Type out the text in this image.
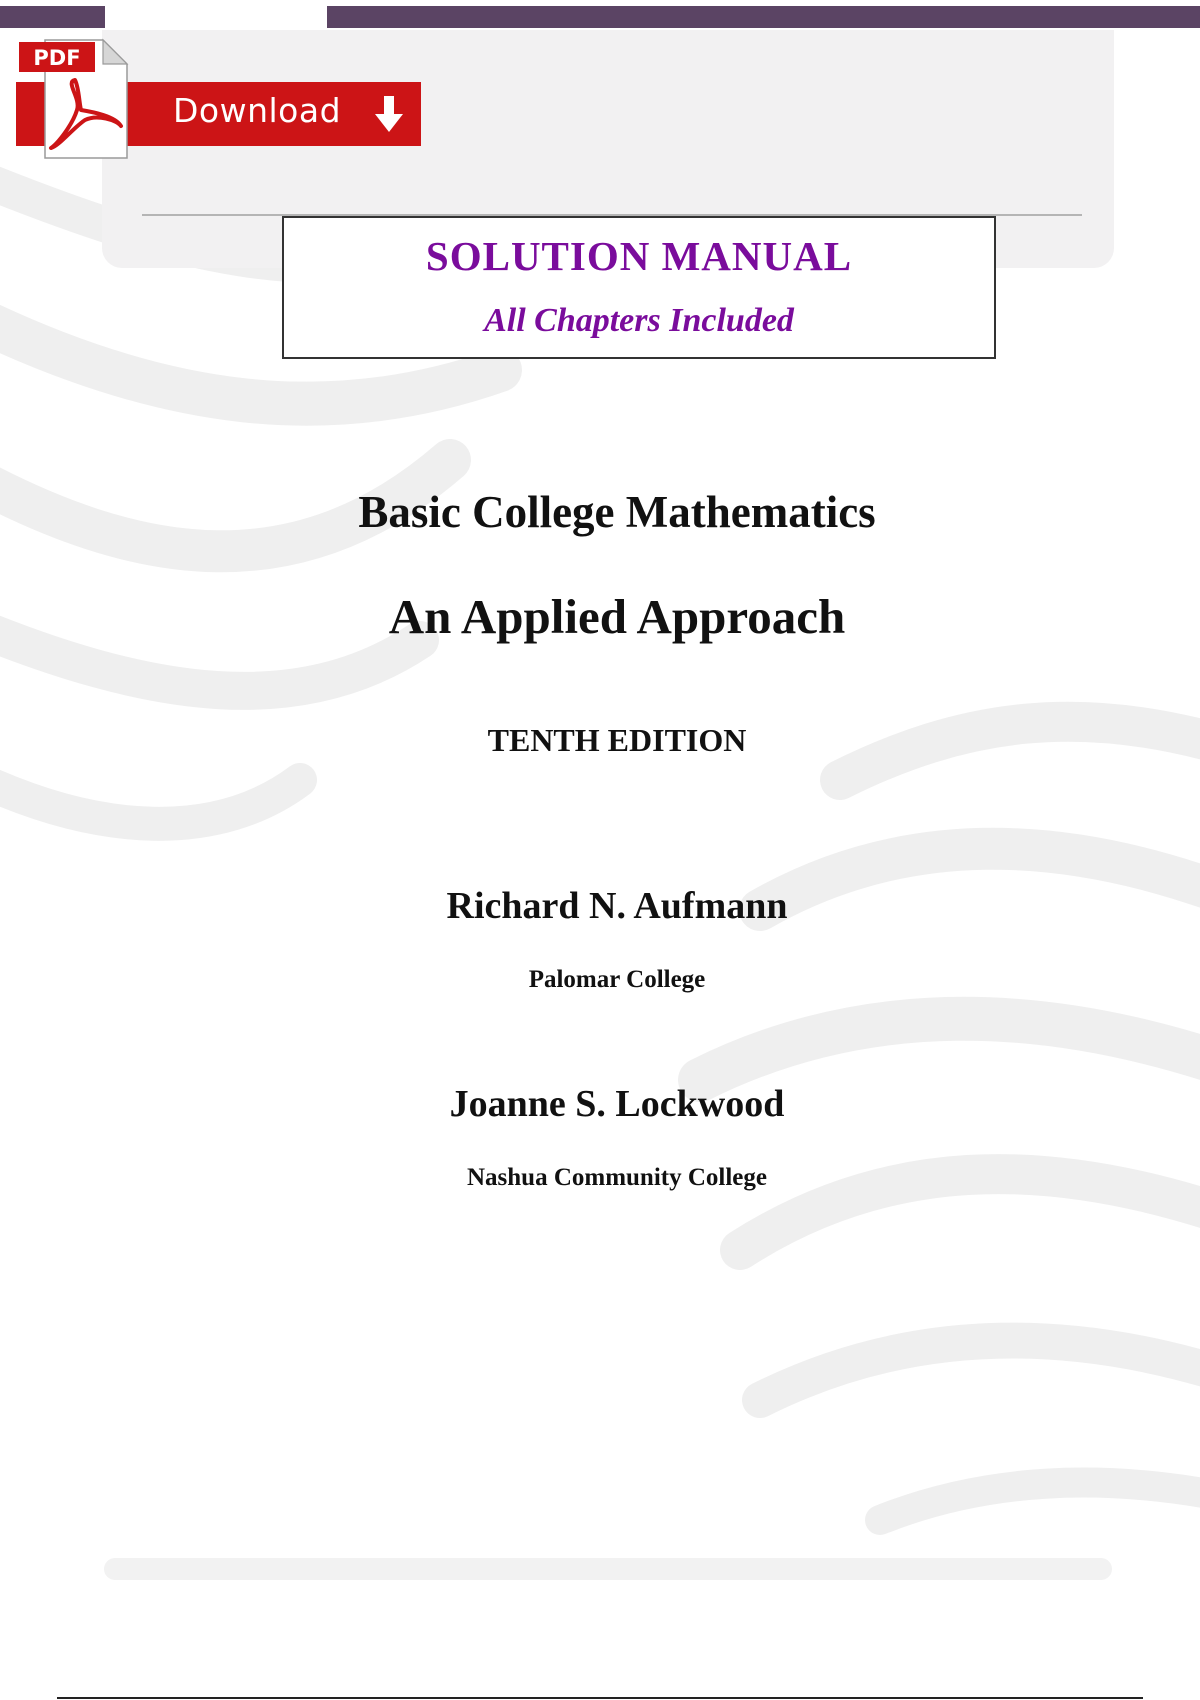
Download
PDF
SOLUTION MANUAL

All Chapters Included

Basic College Mathematics
An Applied Approach

TENTH EDITION

Richard N. Aufmann

Palomar College

Joanne S. Lockwood

Nashua Community College
